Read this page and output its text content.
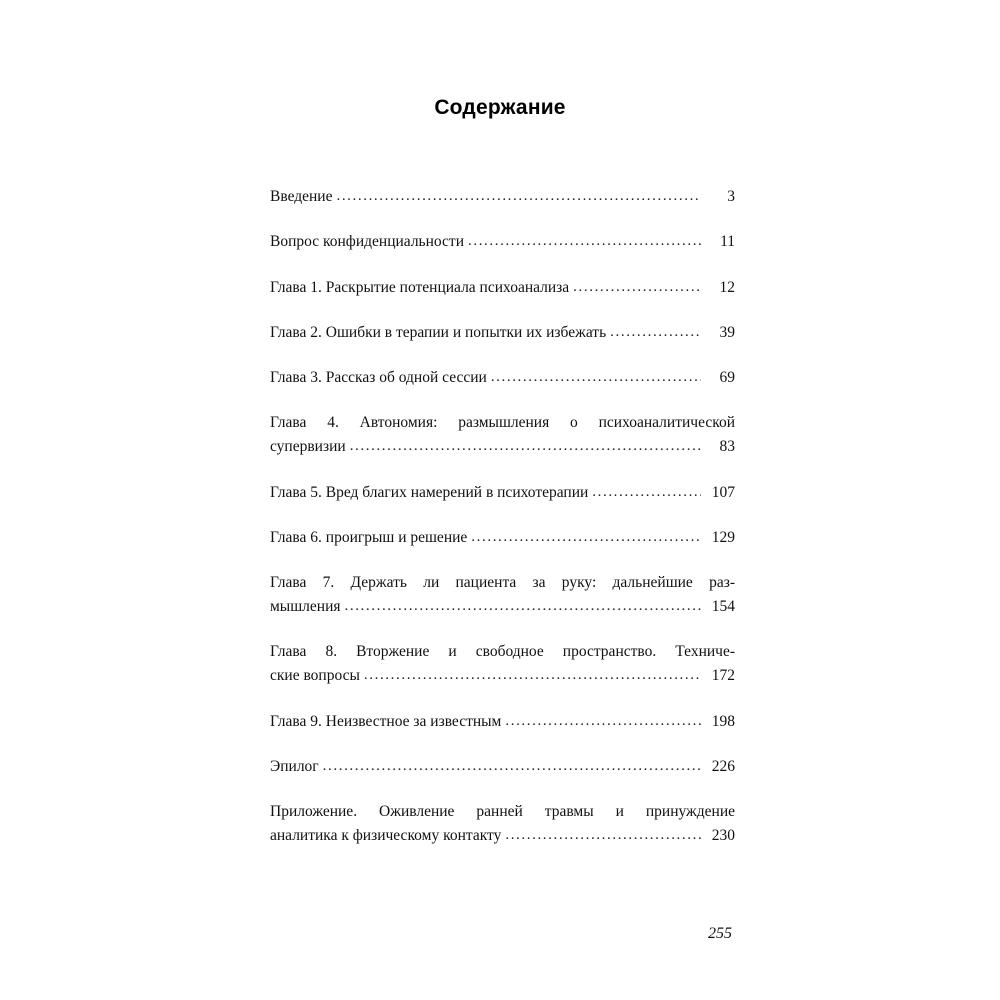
Содержание
Введение .....	3
Вопрос конфиденциальности .....	11
Глава 1. Раскрытие потенциала психоанализа .....	12
Глава 2. Ошибки в терапии и попытки их избежать .....	39
Глава 3. Рассказ об одной сессии .....	69
Глава 4. Автономия: размышления о психоаналитической
супервизии .....	83
Глава 5. Вред благих намерений в психотерапии .....	107
Глава 6. проигрыш и решение .....	129
Глава 7. Держать ли пациента за руку: дальнейшие раз-
мышления .....	154
Глава 8. Вторжение и свободное пространство. Техниче-
ские вопросы .....	172
Глава 9. Неизвестное за известным .....	198
Эпилог .....	226
Приложение. Оживление ранней травмы и принуждение
аналитика к физическому контакту .....	230
255
